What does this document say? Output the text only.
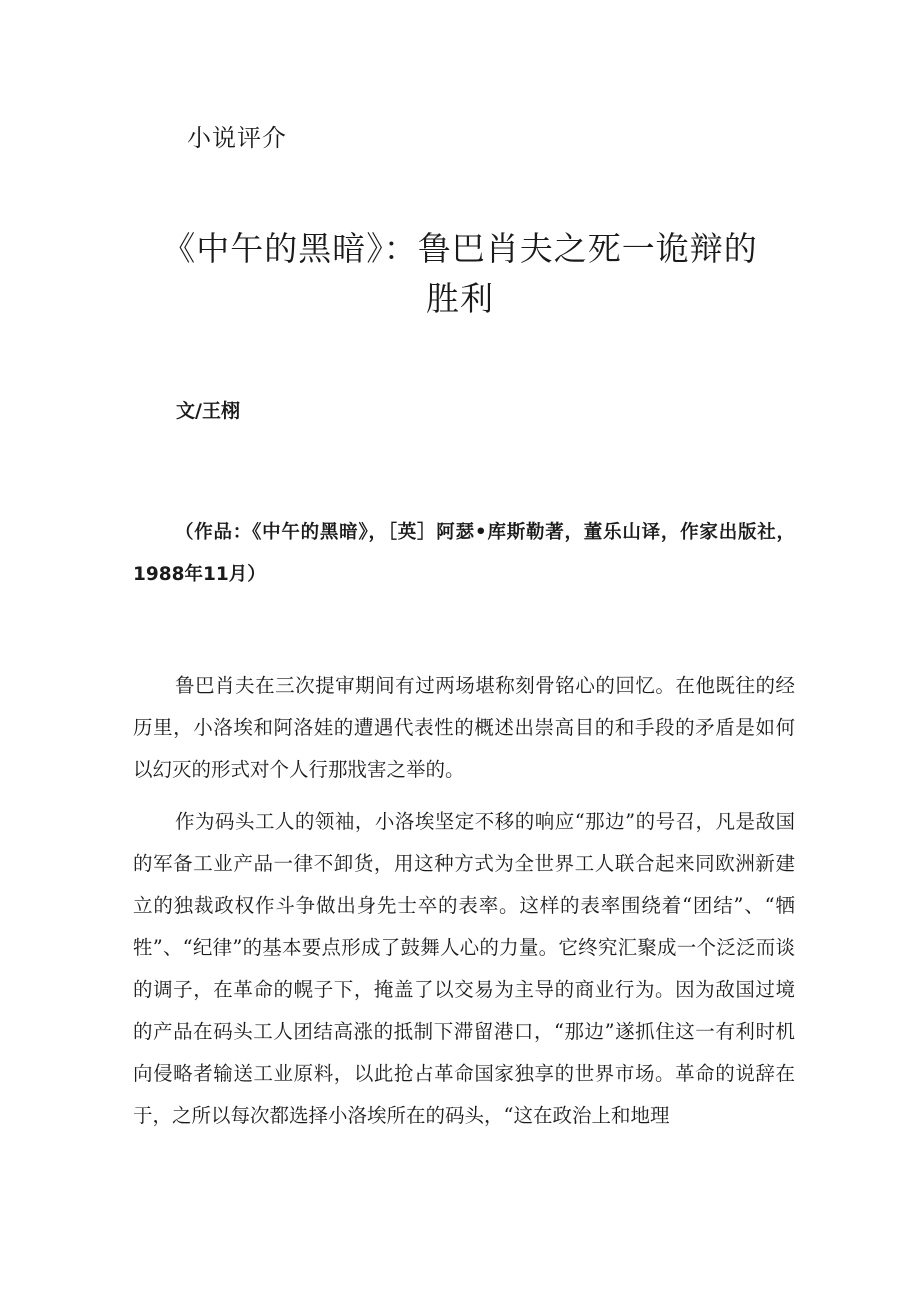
小说评介
《中午的黑暗》：鲁巴肖夫之死一诡辩的
胜利
文/王栩
（作品：《中午的黑暗》，［英］阿瑟•库斯勒著，董乐山译，作家出版社，1988年11月）

鲁巴肖夫在三次提审期间有过两场堪称刻骨铭心的回忆。在他既往的经历里，小洛埃和阿洛娃的遭遇代表性的概述出崇高目的和手段的矛盾是如何以幻灭的形式对个人行那戕害之举的。

作为码头工人的领袖，小洛埃坚定不移的响应“那边”的号召，凡是敌国的军备工业产品一律不卸货，用这种方式为全世界工人联合起来同欧洲新建立的独裁政权作斗争做出身先士卒的表率。这样的表率围绕着“团结”、“牺牲”、“纪律”的基本要点形成了鼓舞人心的力量。它终究汇聚成一个泛泛而谈的调子，在革命的幌子下，掩盖了以交易为主导的商业行为。因为敌国过境的产品在码头工人团结高涨的抵制下滞留港口，“那边”遂抓住这一有利时机向侵略者输送工业原料，以此抢占革命国家独享的世界市场。革命的说辞在于，之所以每次都选择小洛埃所在的码头，“这在政治上和地理
